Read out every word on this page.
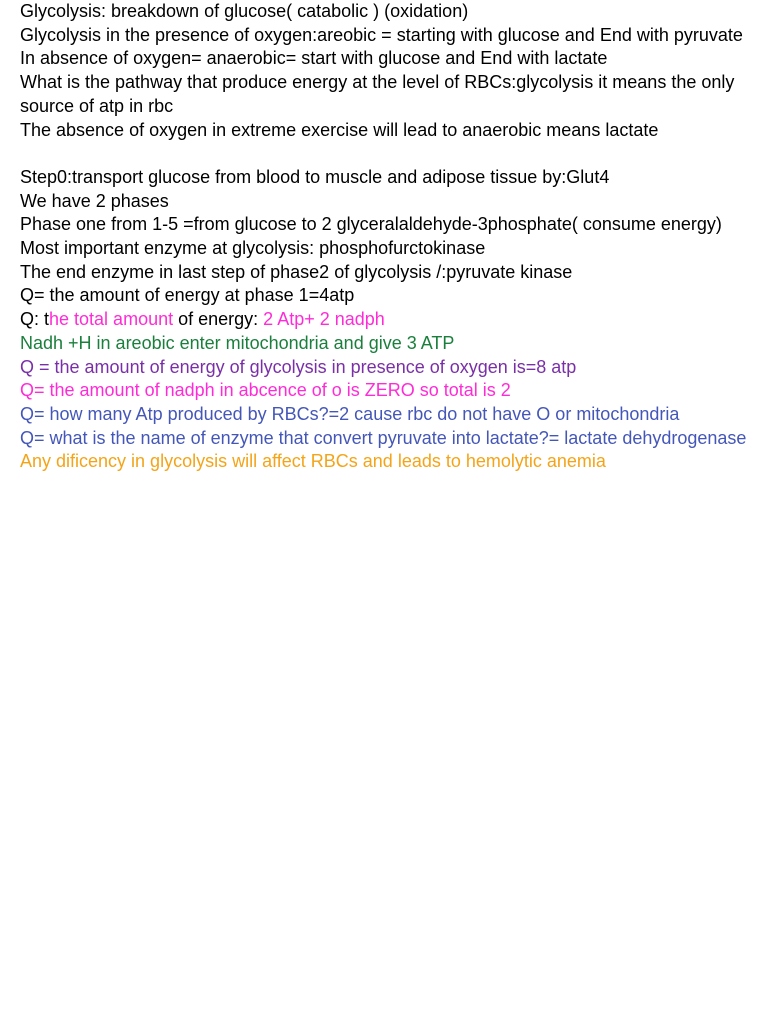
Glycolysis: breakdown of glucose( catabolic ) (oxidation)

Glycolysis in the presence of oxygen:areobic = starting with glucose and End with pyruvate

In absence of oxygen= anaerobic= start with glucose and End with lactate

What is the pathway that produce energy at the level of RBCs:glycolysis it means the only source of atp in rbc

The absence of oxygen in extreme exercise will lead to anaerobic means lactate

Step0:transport glucose from blood to muscle and adipose tissue by:Glut4

We have 2 phases

Phase one from 1-5 =from glucose to 2 glyceralaldehyde-3phosphate( consume energy)

Most important enzyme at glycolysis: phosphofurctokinase

The end enzyme in last step of phase2 of glycolysis /:pyruvate kinase

Q= the amount of energy at phase 1=4atp

Q: the total amount of energy: 2 Atp+ 2 nadph

Nadh +H in areobic enter mitochondria and give 3 ATP

Q = the amount of energy of glycolysis in presence of oxygen is=8 atp

Q= the amount of nadph in abcence of o is ZERO so total is 2

Q= how many Atp produced by RBCs?=2 cause rbc do not have O or mitochondria

Q= what is the name of enzyme that convert pyruvate into lactate?= lactate dehydrogenase

Any dificency in glycolysis will affect RBCs and leads to hemolytic anemia
